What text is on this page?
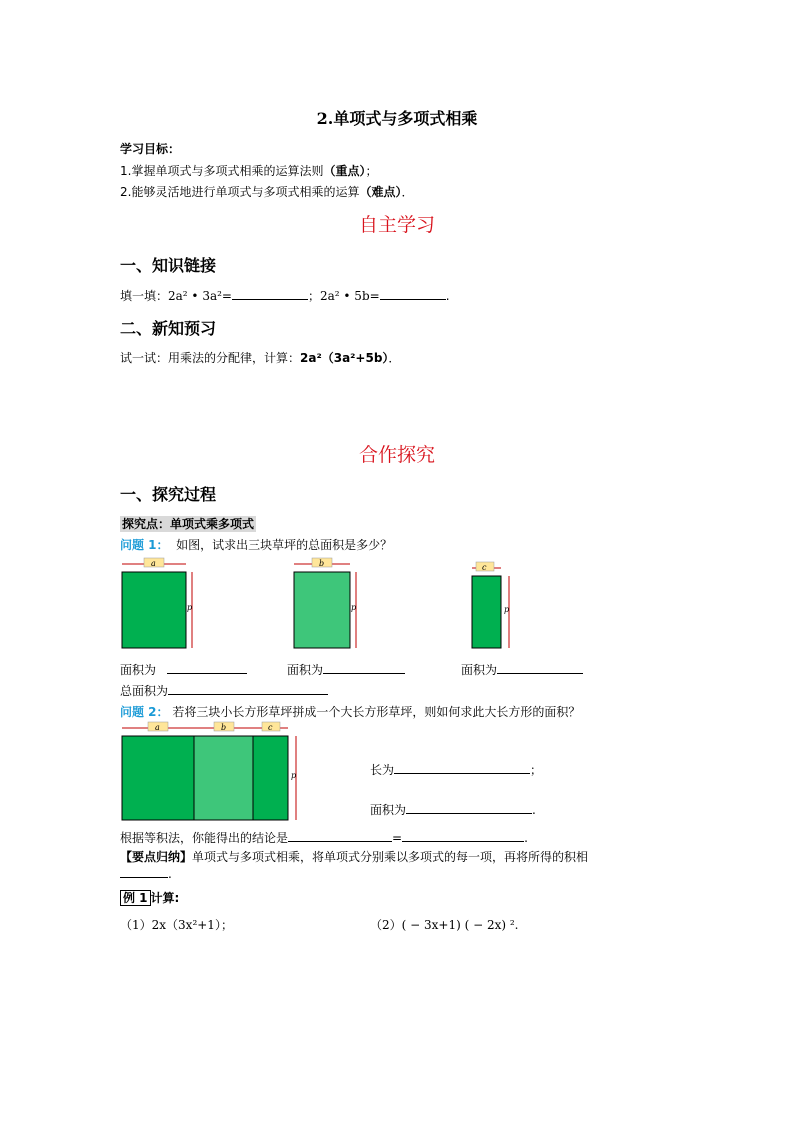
2.单项式与多项式相乘
学习目标：
1.掌握单项式与多项式相乘的运算法则（重点）；
2.能够灵活地进行单项式与多项式相乘的运算（难点）．
自主学习
一、知识链接
填一填：2a² • 3a²=	；2a² • 5b=	.
二、新知预习
试一试：用乘法的分配律，计算：2a²（3a²+5b）．
合作探究
一、探究过程
探究点：单项式乘多项式
问题 1： 如图，试求出三块草坪的总面积是多少？
a
p
b
p
c
p
面积为	面积为	面积为
总面积为
问题 2： 若将三块小长方形草坪拼成一个大长方形草坪，则如何求此大长方形的面积？
a	b	c
p	长为	；
面积为	.
根据等积法，你能得出的结论是	=	.
【要点归纳】单项式与多项式相乘，将单项式分别乘以多项式的每一项，再将所得的积相
.
例 1 计算:
（1）2x（3x²+1）；	（2）( − 3x+1) ( − 2x) ².
